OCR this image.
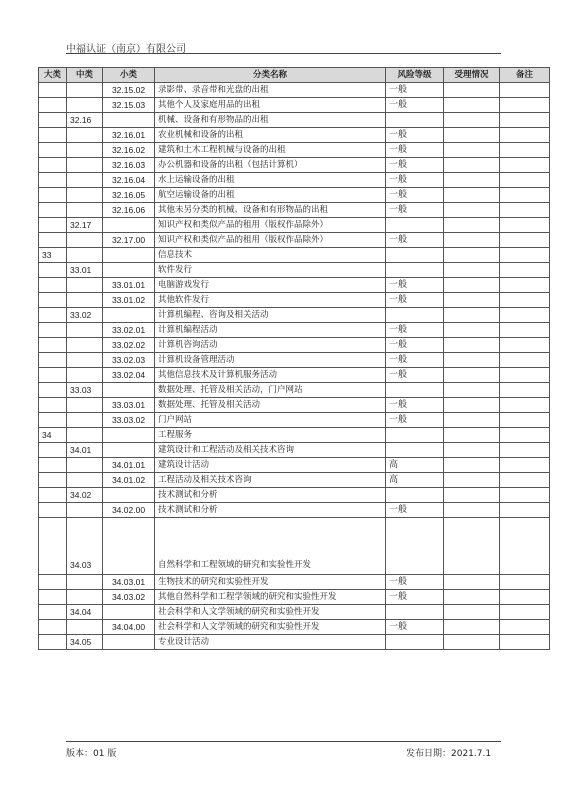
中福认证（南京）有限公司
大类	中类	小类	分类名称	风险等级	受理情况	备注
		32.15.02	录影带、录音带和光盘的出租	一般		
		32.15.03	其他个人及家庭用品的出租	一般		
	32.16		机械、设备和有形物品的出租			
		32.16.01	农业机械和设备的出租	一般		
		32.16.02	建筑和土木工程机械与设备的出租	一般		
		32.16.03	办公机器和设备的出租（包括计算机）	一般		
		32.16.04	水上运输设备的出租	一般		
		32.16.05	航空运输设备的出租	一般		
		32.16.06	其他未另分类的机械、设备和有形物品的出租	一般		
	32.17		知识产权和类似产品的租用（版权作品除外）			
		32.17.00	知识产权和类似产品的租用（版权作品除外）	一般		
33			信息技术			
	33.01		软件发行			
		33.01.01	电脑游戏发行	一般		
		33.01.02	其他软件发行	一般		
	33.02		计算机编程、咨询及相关活动			
		33.02.01	计算机编程活动	一般		
		33.02.02	计算机咨询活动	一般		
		33.02.03	计算机设备管理活动	一般		
		33.02.04	其他信息技术及计算机服务活动	一般		
	33.03		数据处理、托管及相关活动，门户网站			
		33.03.01	数据处理、托管及相关活动	一般		
		33.03.02	门户网站	一般		
34			工程服务			
	34.01		建筑设计和工程活动及相关技术咨询			
		34.01.01	建筑设计活动	高		
		34.01.02	工程活动及相关技术咨询	高		
	34.02		技术测试和分析			
		34.02.00	技术测试和分析	一般		
	34.03		自然科学和工程领域的研究和实验性开发			
		34.03.01	生物技术的研究和实验性开发	一般		
		34.03.02	其他自然科学和工程学领域的研究和实验性开发	一般		
	34.04		社会科学和人文学领域的研究和实验性开发			
		34.04.00	社会科学和人文学领域的研究和实验性开发	一般		
	34.05		专业设计活动			
版本：01 版	发布日期：2021.7.1
